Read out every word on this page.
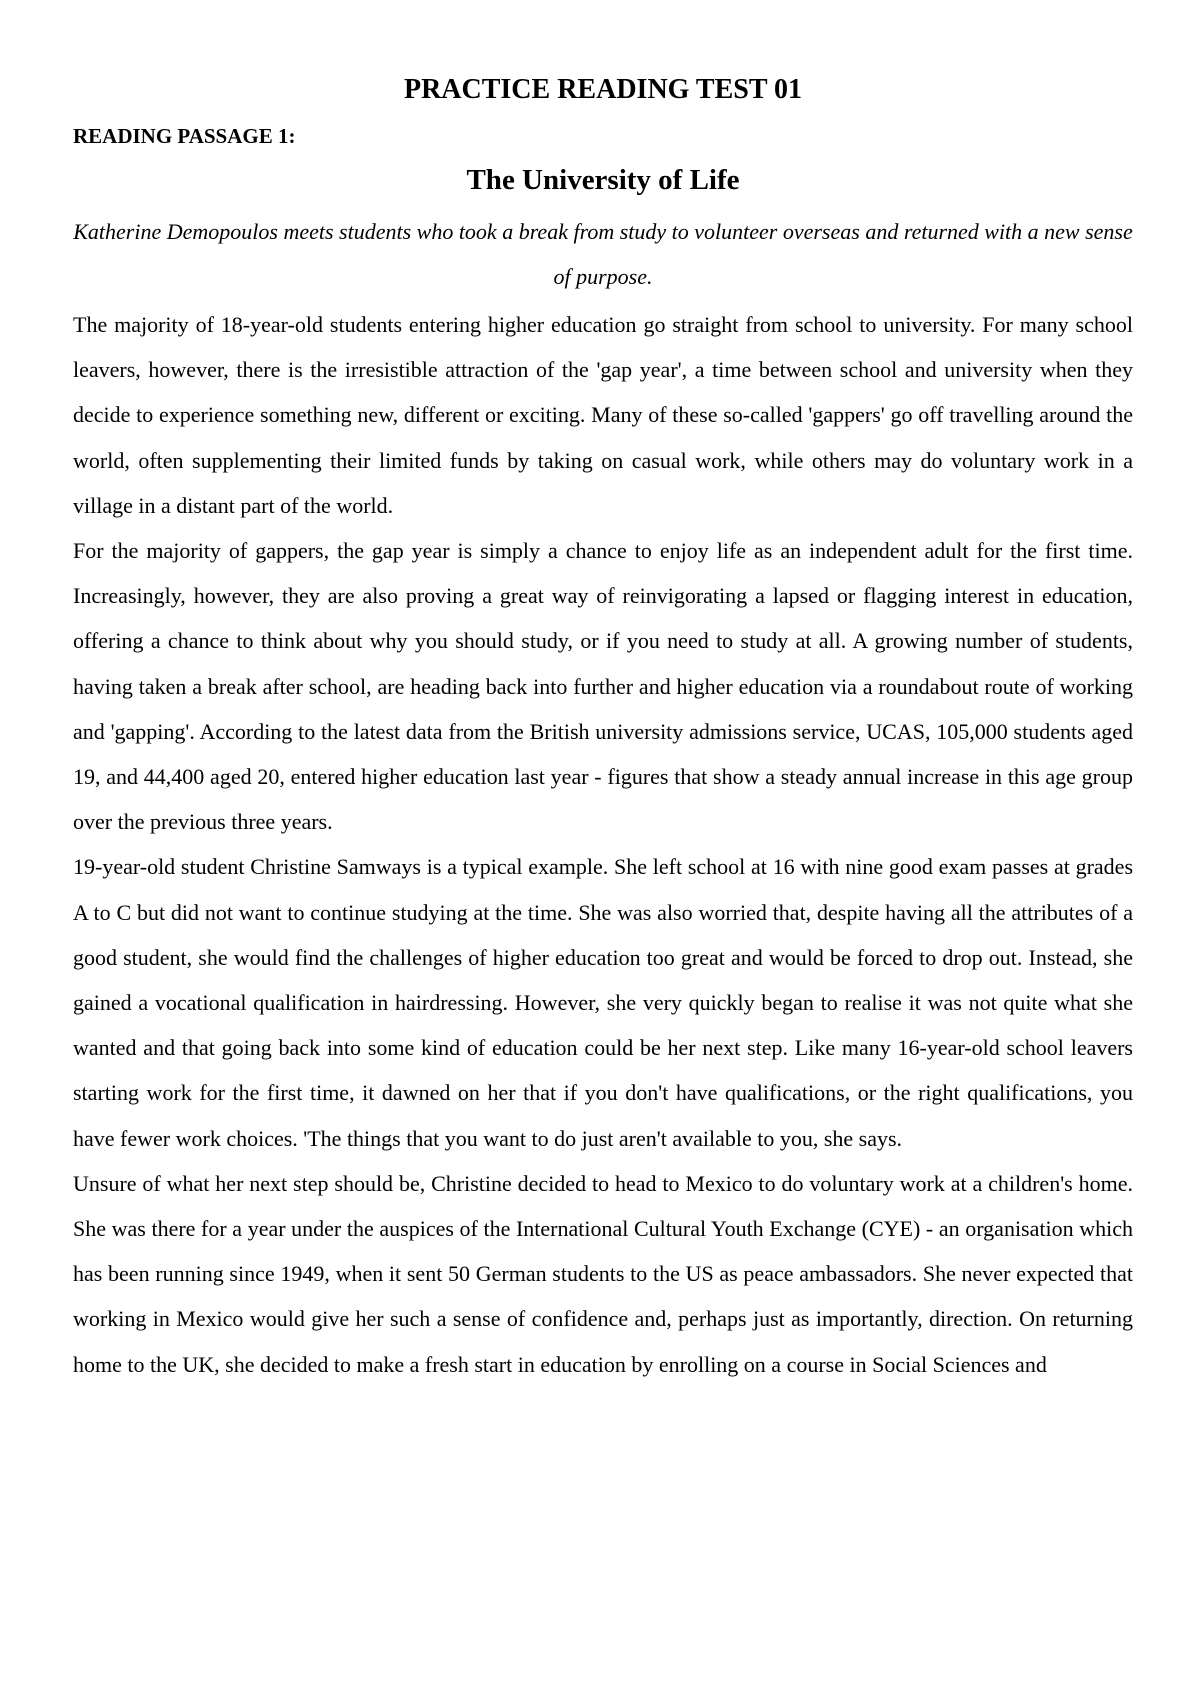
PRACTICE READING TEST 01
READING PASSAGE 1:
The University of Life
Katherine Demopoulos meets students who took a break from study to volunteer overseas and returned with a new sense of purpose.

The majority of 18-year-old students entering higher education go straight from school to university. For many school leavers, however, there is the irresistible attraction of the 'gap year', a time between school and university when they decide to experience something new, different or exciting. Many of these so-called 'gappers' go off travelling around the world, often supplementing their limited funds by taking on casual work, while others may do voluntary work in a village in a distant part of the world.

For the majority of gappers, the gap year is simply a chance to enjoy life as an independent adult for the first time. Increasingly, however, they are also proving a great way of reinvigorating a lapsed or flagging interest in education, offering a chance to think about why you should study, or if you need to study at all. A growing number of students, having taken a break after school, are heading back into further and higher education via a roundabout route of working and 'gapping'. According to the latest data from the British university admissions service, UCAS, 105,000 students aged 19, and 44,400 aged 20, entered higher education last year - figures that show a steady annual increase in this age group over the previous three years.

19-year-old student Christine Samways is a typical example. She left school at 16 with nine good exam passes at grades A to C but did not want to continue studying at the time. She was also worried that, despite having all the attributes of a good student, she would find the challenges of higher education too great and would be forced to drop out. Instead, she gained a vocational qualification in hairdressing. However, she very quickly began to realise it was not quite what she wanted and that going back into some kind of education could be her next step. Like many 16-year-old school leavers starting work for the first time, it dawned on her that if you don't have qualifications, or the right qualifications, you have fewer work choices. 'The things that you want to do just aren't available to you, she says.

Unsure of what her next step should be, Christine decided to head to Mexico to do voluntary work at a children's home. She was there for a year under the auspices of the International Cultural Youth Exchange (CYE) - an organisation which has been running since 1949, when it sent 50 German students to the US as peace ambassadors. She never expected that working in Mexico would give her such a sense of confidence and, perhaps just as importantly, direction. On returning home to the UK, she decided to make a fresh start in education by enrolling on a course in Social Sciences and
